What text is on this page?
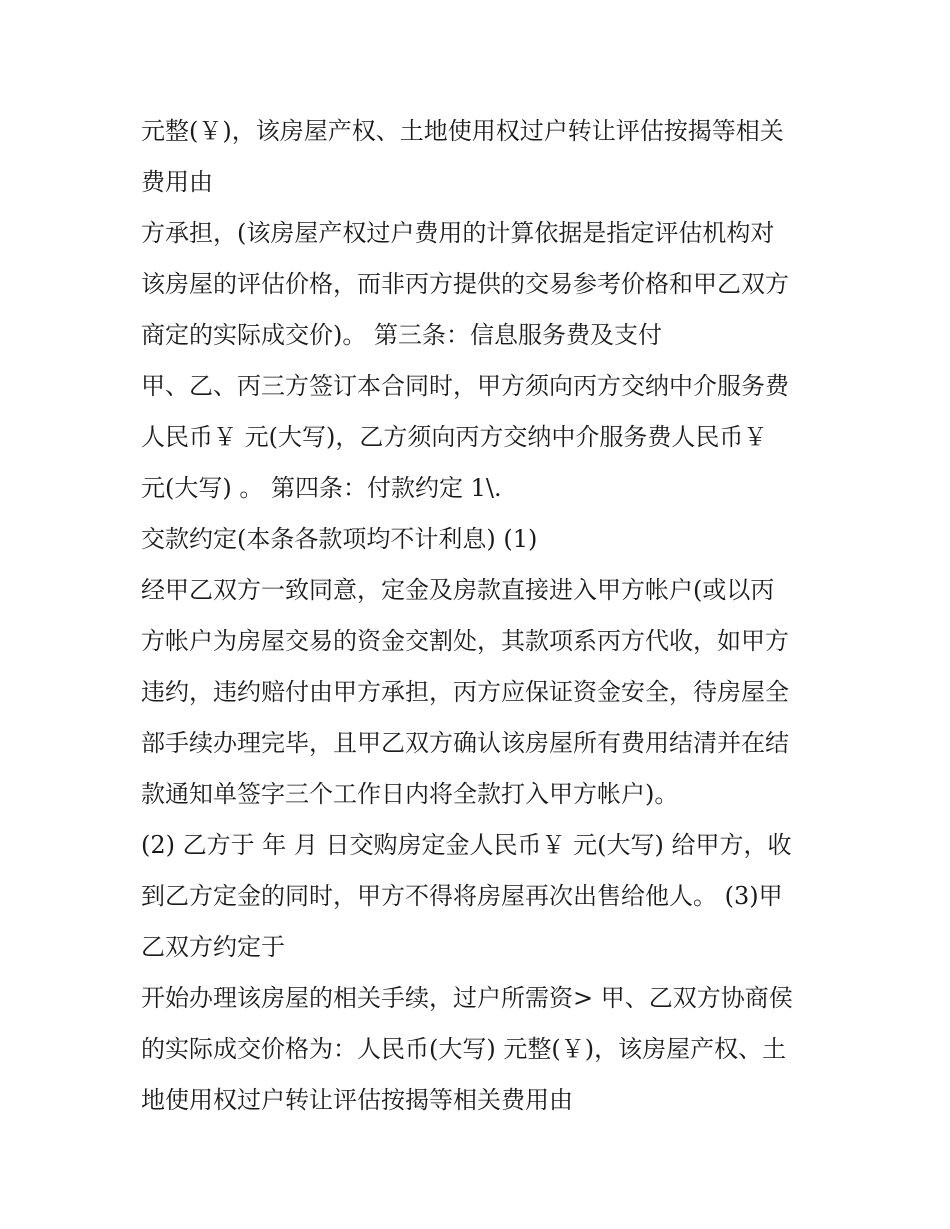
元整(￥)，该房屋产权、土地使用权过户转让评估按揭等相关
费用由
方承担，(该房屋产权过户费用的计算依据是指定评估机构对
该房屋的评估价格，而非丙方提供的交易参考价格和甲乙双方
商定的实际成交价)。 第三条：信息服务费及支付
甲、乙、丙三方签订本合同时，甲方须向丙方交纳中介服务费
人民币￥ 元(大写)，乙方须向丙方交纳中介服务费人民币￥
元(大写) 。 第四条：付款约定 1\.
交款约定(本条各款项均不计利息) (1)
经甲乙双方一致同意，定金及房款直接进入甲方帐户(或以丙
方帐户为房屋交易的资金交割处，其款项系丙方代收，如甲方
违约，违约赔付由甲方承担，丙方应保证资金安全，待房屋全
部手续办理完毕，且甲乙双方确认该房屋所有费用结清并在结
款通知单签字三个工作日内将全款打入甲方帐户)。
(2) 乙方于 年 月 日交购房定金人民币￥ 元(大写) 给甲方，收
到乙方定金的同时，甲方不得将房屋再次出售给他人。 (3)甲
乙双方约定于
开始办理该房屋的相关手续，过户所需资> 甲、乙双方协商侯
的实际成交价格为：人民币(大写) 元整(￥)，该房屋产权、土
地使用权过户转让评估按揭等相关费用由
